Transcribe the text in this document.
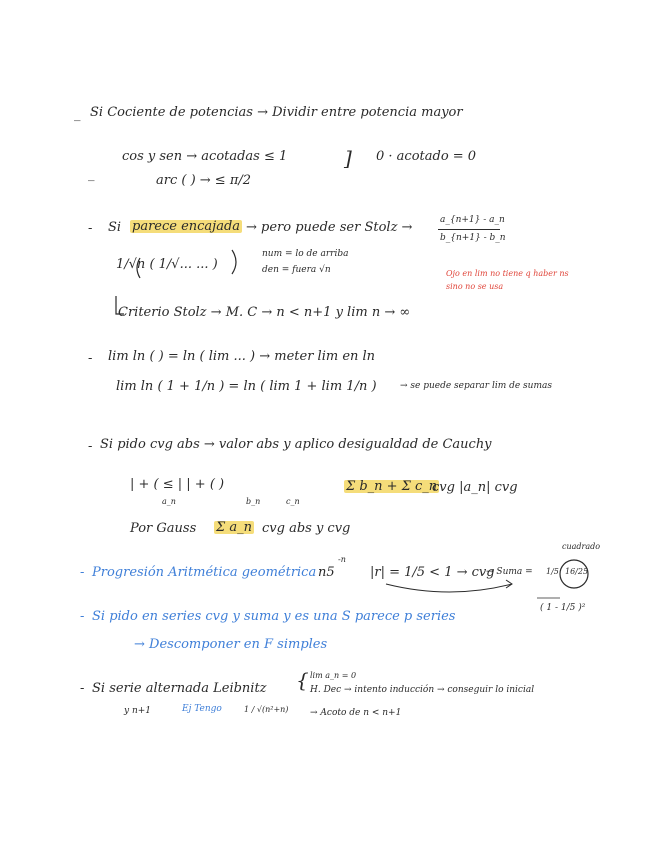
_ Si Cociente de potencias → Dividir entre potencia mayor
_
cos y sen → acotadas ≤ 1
arc ( ) → ≤ π/2
] 0 · acotado = 0
- Si parece encajada → pero puede ser Stolz →	a_{n+1} - a_n
b_{n+1} - b_n
1/√n ( 1/√... ... )
num = lo de arriba
den = fuera √n	Ojo en lim no tiene q haber ns sino no se usa
Criterio Stolz → M. C → n < n+1 y lim n → ∞
- lim ln ( ) = ln ( lim ... ) → meter lim en ln
lim ln ( 1 + 1/n ) = ln ( lim 1 + lim 1/n )	→ se puede separar lim de sumas
- Si pido cvg abs → valor abs y aplico desigualdad de Cauchy
| + ( ≤ | | + ( )
a_n	b_n	c_n
Σ b_n + Σ c_n
cvg |a_n| cvg
Por Gauss Σ a_n cvg abs y cvg
- Progresión Aritmética geométrica n5
-n
|r| = 1/5 < 1 → cvg
→ Suma = 1/5
cuadrado
16/25
( 1 - 1/5 )²
- Si pido en series cvg y suma y es una S parece p series
→ Descomponer en F simples
- Si serie alternada Leibnitz { lim a_n = 0
H. Dec → intento inducción → conseguir lo inicial
y n+1	Ej Tengo	1 / √(n²+n) → Acoto de n < n+1
